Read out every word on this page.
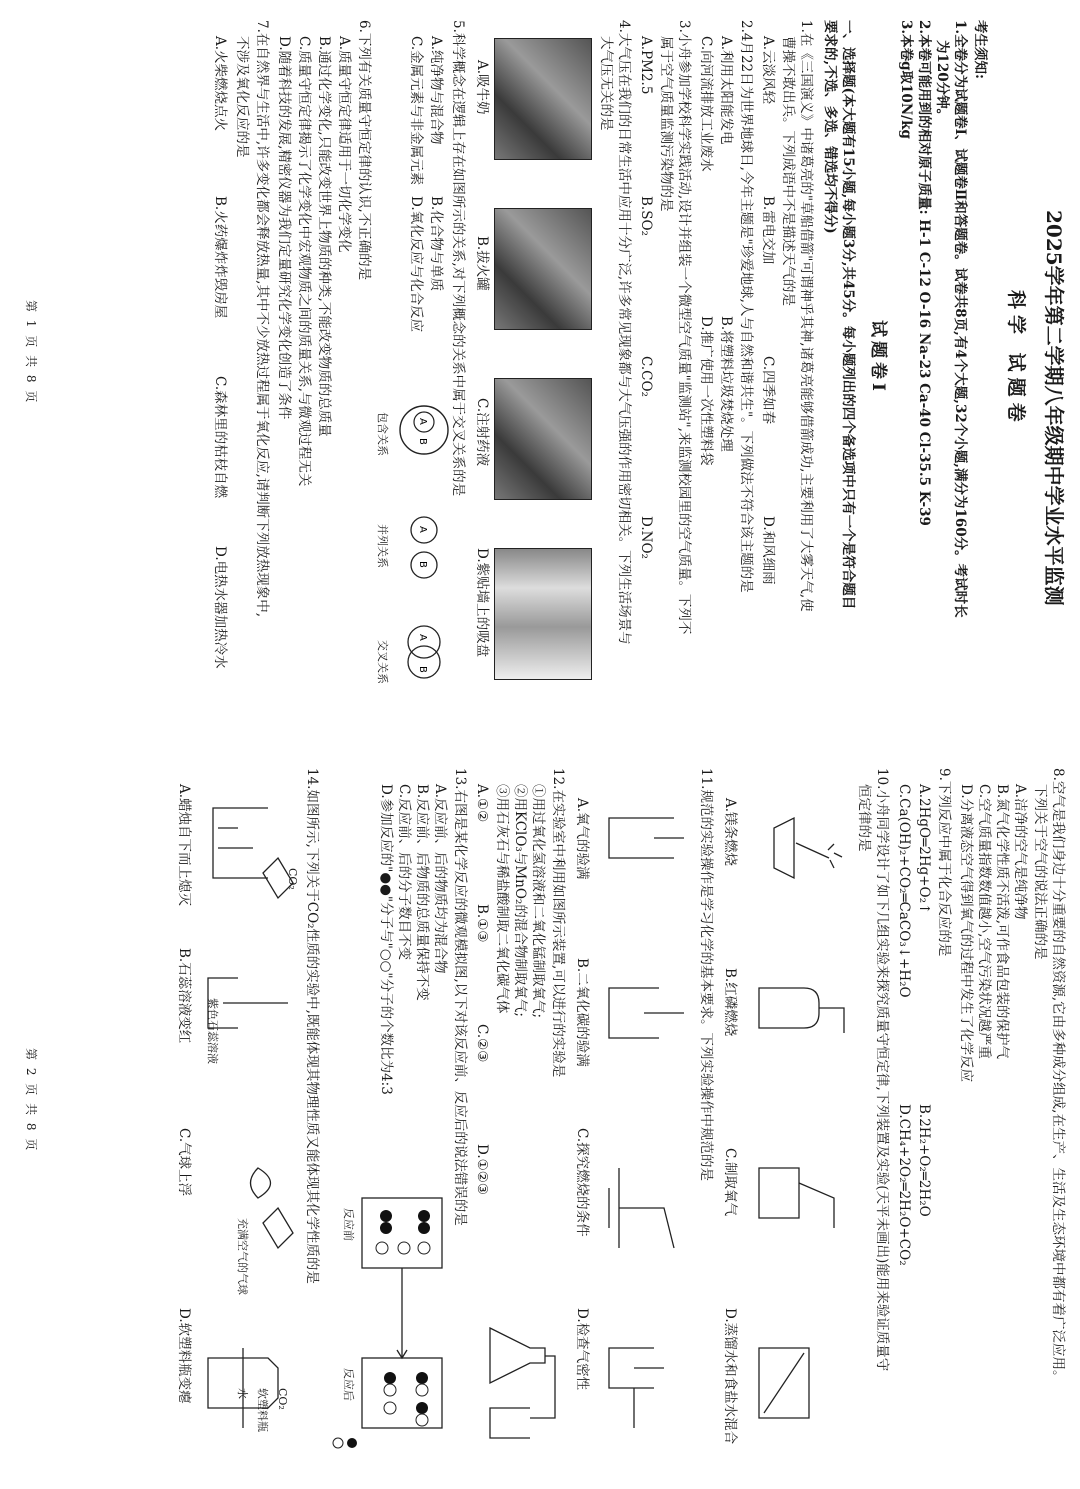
2025学年第二学期八年级期中学业水平监测
科学 试题卷
考生须知:
1.全卷分为试题卷Ⅰ、试题卷Ⅱ和答题卷。试卷共8页,有4个大题,32个小题,满分为160分。考试时长
为120分钟。
2.本卷可能用到的相对原子质量: H-1 C-12 O-16 Na-23 Ca-40 Cl-35.5 K-39
3.本卷g取10N/kg
试题卷Ⅰ
一、选择题(本大题有15小题,每小题3分,共45分。每小题列出的四个备选项中只有一个是符合题目
要求的,不选、多选、错选均不得分)
1.在《三国演义》中诸葛亮的"草船借箭"可谓神乎其神,诸葛亮能够借箭成功,主要利用了大雾天气,使
曹操不敢出兵。下列成语中不是描述天气的是
A.云淡风轻
B.雷电交加
C.四季如春
D.和风细雨
2.4月22日为世界地球日,今年主题是"珍爱地球,人与自然和谐共生"。下列做法不符合该主题的是
A.利用太阳能发电
B.将塑料垃圾焚烧处理
C.向河流排放工业废水
D.推广使用一次性塑料袋
3.小舟参加学校科学实践活动,设计并组装一个微型空气质量"监测站",来监测校园里的空气质量。下列不
属于空气质量监测污染物的是
A.PM2.5
B.SO₂
C.CO₂
D.NO₂
4.大气压在我们的日常生活中应用十分广泛,许多常见现象都与大气压强的作用密切相关。下列生活场景与
大气压无关的是
A.吸牛奶
B.拔火罐
C.注射药液
D.紫贴墙上的吸盘
5.科学概念在逻辑上存在如图所示的关系,对下列概念的关系中属于交叉关系的是
A.纯净物与混合物
B.化合物与单质
C.金属元素与非金属元素
D.氧化反应与化合反应
A
B
A
B
A
B
包含关系
并列关系
交叉关系
6.下列有关质量守恒定律的认识,不正确的是
A.质量守恒定律适用于一切化学变化
B.通过化学变化,只能改变世界上物质的种类,不能改变物质的总质量
C.质量守恒定律揭示了化学变化中宏观物质之间的质量关系,与微观过程无关
D.随着科技的发展,精密仪器为我们定量研究化学变化创造了条件
7.在自然界与生活中,许多变化都会释放热量,其中不少放热过程属于氧化反应,请判断下列放热现象中,
不涉及氧化反应的是
A.火柴燃烧点火
B.火药爆炸炸毁房屋
C.森林里的枯枝自燃
D.电热水器加热冷水
第 1 页 共 8 页
8.空气是我们身边十分重要的自然资源,它由多种成分组成,在生产、生活及生态环境中都有着广泛应用。
下列关于空气的说法正确的是
A.洁净的空气是纯净物
B.氮气化学性质不活泼,可作食品包装的保护气
C.空气质量指数数值越小,空气污染状况越严重
D.分离液态空气得到氧气的过程中发生了化学反应
9.下列反应中属于化合反应的是
A.2HgO═2Hg+O₂↑
B.2H₂+O₂═2H₂O
C.Ca(OH)₂+CO₂═CaCO₃↓+H₂O
D.CH₄+2O₂═2H₂O+CO₂
10.小舟同学设计了如下几组实验来探究质量守恒定律,下列装置及实验(天平未画出)能用来验证质量守
恒定律的是
A.镁条燃烧
B.红磷燃烧
C.制取氧气
D.蒸馏水和食盐水混合
11.规范的实验操作是学习化学的基本要求。下列实验操作中规范的是
A.氧气的验满
B.二氧化碳的验满
C.探究燃烧的条件
D.检查气密性
12.在实验室中利用如图所示装置,可以进行的实验是
①用过氧化氢溶液和二氧化锰制取氧气;
②用KClO₃与MnO₂的混合物制取氧气;
③用石灰石与稀盐酸制取二氧化碳气体
A.①②
B.①③
C.②③
D.①②③
13.右图是某化学反应的微观模拟图,以下对该反应前、反应后的说法错误的是
A.反应前、后的物质均为混合物
B.反应前、后物质的总质量保持不变
C.反应前、后的分子数目不变
D.参加反应的"●●"分子与"○○"分子的个数比为4:3
反应前
反应后
14.如图所示,下列关于CO₂性质的实验中,既能体现其物理性质又能体现其化学性质的是
A.蜡烛自下而上熄灭
B.石蕊溶液变红
C.气球上浮
D.软塑料瓶变瘪
CO₂
紫色石蕊溶液
充满空气的气球
CO₂
水 软塑料瓶
第 2 页 共 8 页
